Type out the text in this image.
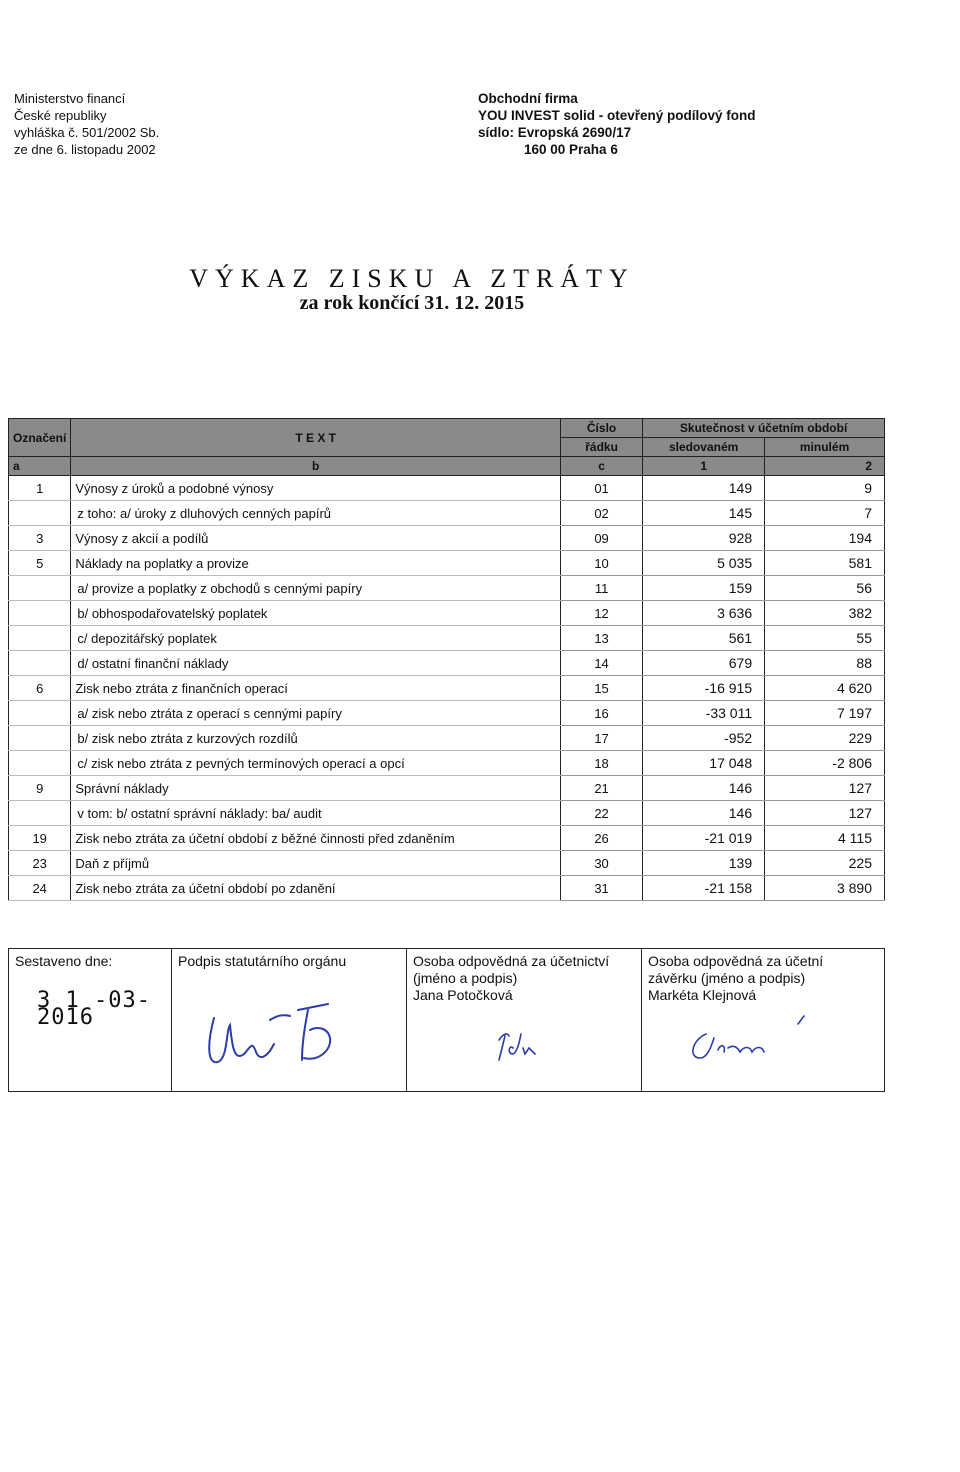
Ministerstvo financí
České republiky
vyhláška č. 501/2002 Sb.
ze dne 6. listopadu 2002
Obchodní firma
YOU INVEST solid - otevřený podílový fond
sídlo: Evropská 2690/17
160 00 Praha 6
VÝKAZ ZISKU A ZTRÁTY
za rok končící 31. 12. 2015
Označení	T E X T	Číslo	Skutečnost v účetním období	
		řádku	sledovaném	minulém
a	b	c	1	2
1	Výnosy z úroků a podobné výnosy	01	149	9
	z toho: a/ úroky z dluhových cenných papírů	02	145	7
3	Výnosy z akcií a podílů	09	928	194
5	Náklady na poplatky a provize	10	5 035	581
	a/ provize a poplatky z obchodů s cennými papíry	11	159	56
	b/ obhospodařovatelský poplatek	12	3 636	382
	c/ depozitářský poplatek	13	561	55
	d/ ostatní finanční náklady	14	679	88
6	Zisk nebo ztráta z finančních operací	15	-16 915	4 620
	a/ zisk nebo ztráta z operací s cennými papíry	16	-33 011	7 197
	b/ zisk nebo ztráta z kurzových rozdílů	17	-952	229
	c/ zisk nebo ztráta z pevných termínových operací a opcí	18	17 048	-2 806
9	Správní náklady	21	146	127
	v tom: b/ ostatní správní náklady: ba/ audit	22	146	127
19	Zisk nebo ztráta za účetní období z běžné činnosti před zdaněním	26	-21 019	4 115
23	Daň z příjmů	30	139	225
24	Zisk nebo ztráta za účetní období po zdanění	31	-21 158	3 890
Sestaveno dne:
3 1 -03- 2016

Podpis statutárního orgánu	Osoba odpovědná za účetnictví
(jméno a podpis)
Jana Potočková

Osoba odpovědná za účetní
závěrku (jméno a podpis)
Markéta Klejnová
